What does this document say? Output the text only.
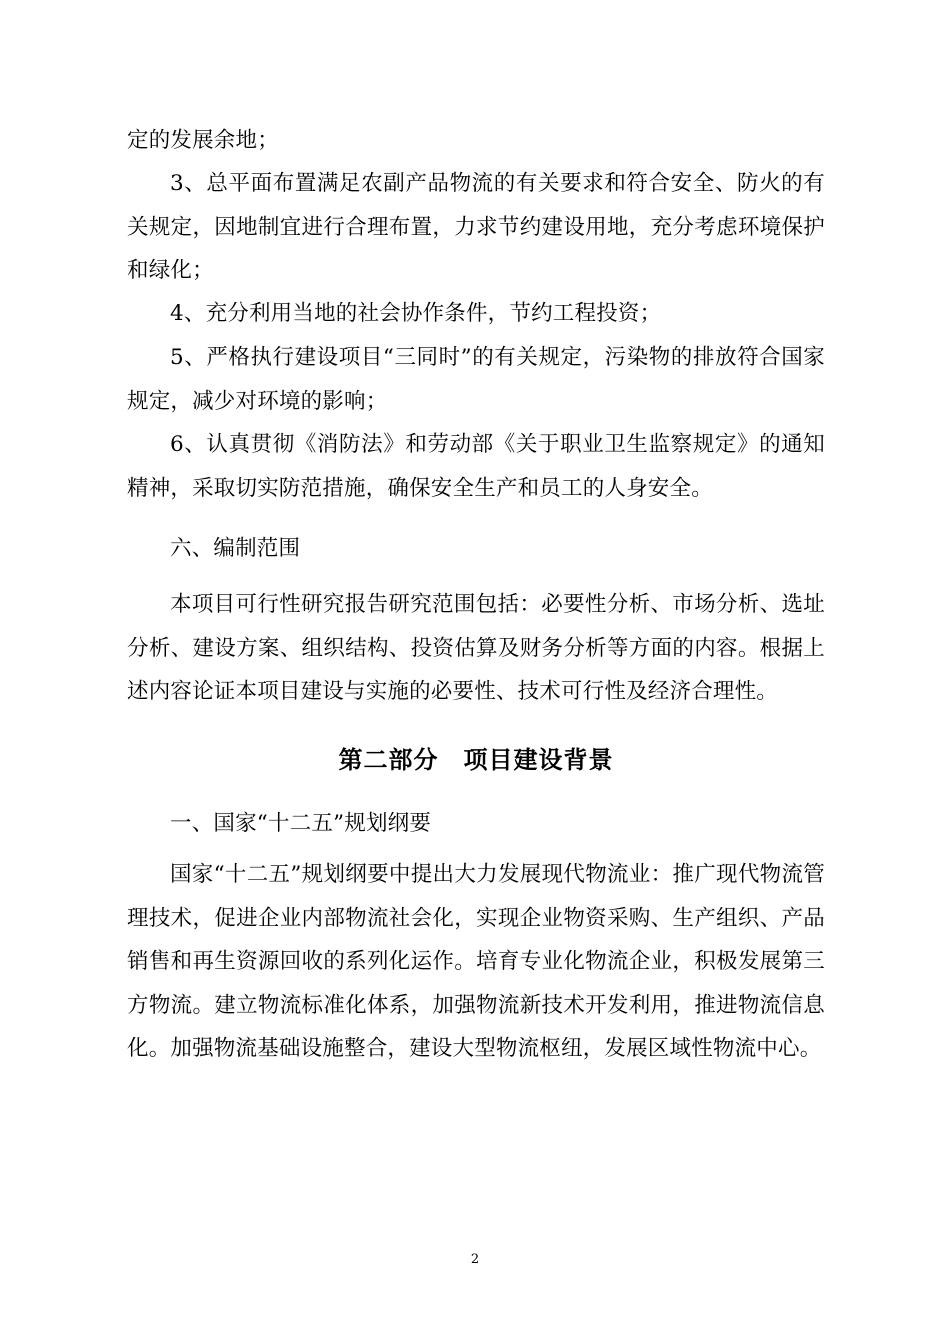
定的发展余地；

3、总平面布置满足农副产品物流的有关要求和符合安全、防火的有关规定，因地制宜进行合理布置，力求节约建设用地，充分考虑环境保护和绿化；

4、充分利用当地的社会协作条件，节约工程投资；

5、严格执行建设项目“三同时”的有关规定，污染物的排放符合国家规定，减少对环境的影响；

6、认真贯彻《消防法》和劳动部《关于职业卫生监察规定》的通知精神，采取切实防范措施，确保安全生产和员工的人身安全。

六、编制范围

本项目可行性研究报告研究范围包括：必要性分析、市场分析、选址分析、建设方案、组织结构、投资估算及财务分析等方面的内容。根据上述内容论证本项目建设与实施的必要性、技术可行性及经济合理性。

第二部分　项目建设背景

一、国家“十二五”规划纲要

国家“十二五”规划纲要中提出大力发展现代物流业：推广现代物流管理技术，促进企业内部物流社会化，实现企业物资采购、生产组织、产品销售和再生资源回收的系列化运作。培育专业化物流企业，积极发展第三方物流。建立物流标准化体系，加强物流新技术开发利用，推进物流信息化。加强物流基础设施整合，建设大型物流枢纽，发展区域性物流中心。

2
